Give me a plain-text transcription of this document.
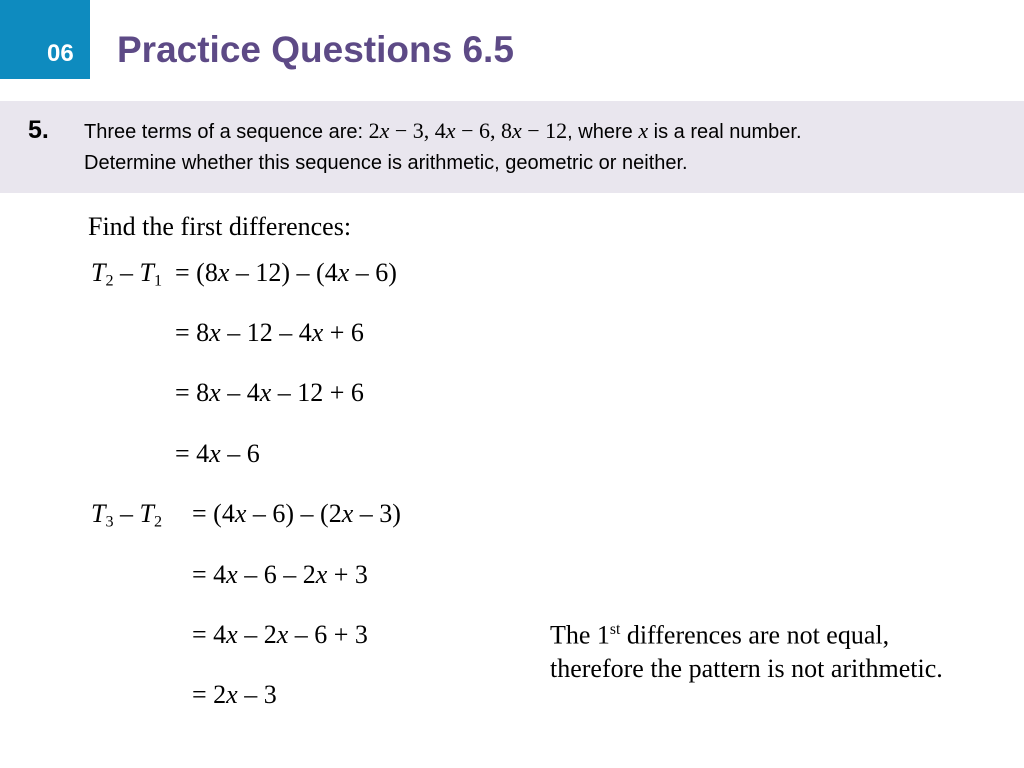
06 Practice Questions 6.5
5. Three terms of a sequence are: 2x − 3, 4x − 6, 8x − 12, where x is a real number.
Determine whether this sequence is arithmetic, geometric or neither.
Find the first differences:
$T_2 - T_1 = (8x - 12) - (4x - 6)$
= 8x – 12 – 4x + 6
= 8x – 4x – 12 + 6
= 4x – 6
$T_3 - T_2 = (4x - 6) - (2x - 3)$
= 4x – 6 – 2x + 3
= 4x – 2x – 6 + 3
= 2x – 3
The 1st differences are not equal,
therefore the pattern is not arithmetic.
